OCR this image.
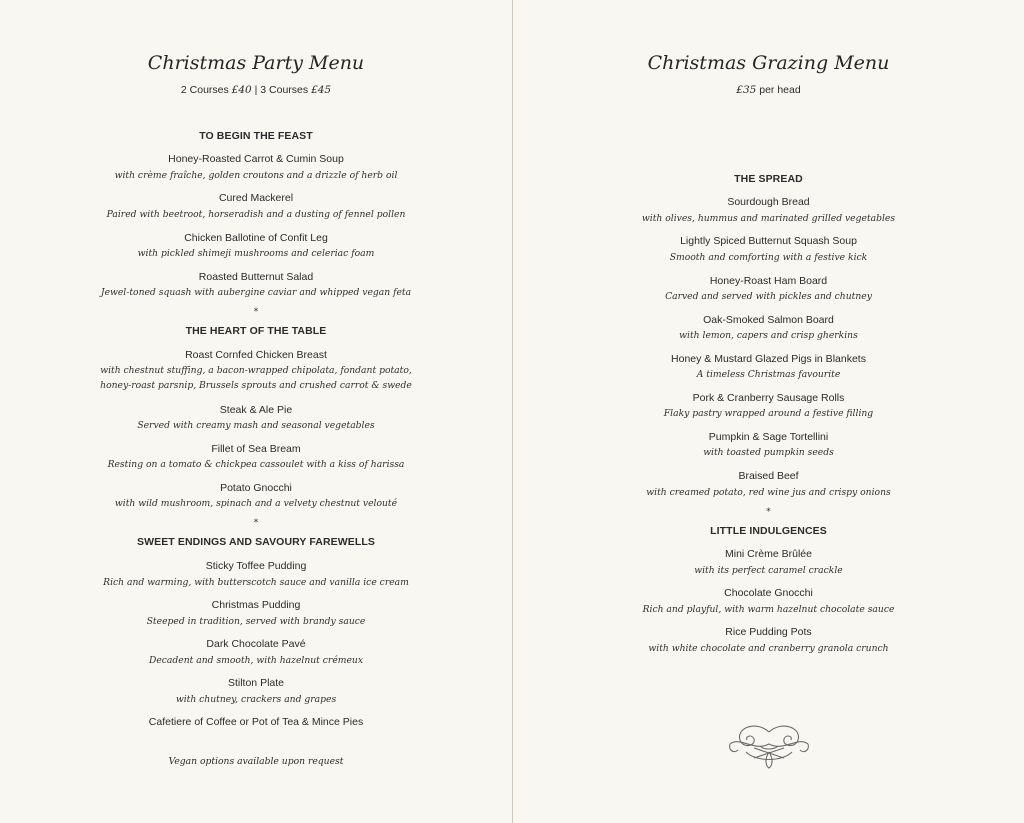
Christmas Party Menu
2 Courses £40 | 3 Courses £45
TO BEGIN THE FEAST
Honey-Roasted Carrot & Cumin Soup
with crème fraîche, golden croutons and a drizzle of herb oil
Cured Mackerel
Paired with beetroot, horseradish and a dusting of fennel pollen
Chicken Ballotine of Confit Leg
with pickled shimeji mushrooms and celeriac foam
Roasted Butternut Salad
Jewel-toned squash with aubergine caviar and whipped vegan feta
*
THE HEART OF THE TABLE
Roast Cornfed Chicken Breast
with chestnut stuffing, a bacon-wrapped chipolata, fondant potato,
honey-roast parsnip, Brussels sprouts and crushed carrot & swede
Steak & Ale Pie
Served with creamy mash and seasonal vegetables
Fillet of Sea Bream
Resting on a tomato & chickpea cassoulet with a kiss of harissa
Potato Gnocchi
with wild mushroom, spinach and a velvety chestnut velouté
*
SWEET ENDINGS AND SAVOURY FAREWELLS
Sticky Toffee Pudding
Rich and warming, with butterscotch sauce and vanilla ice cream
Christmas Pudding
Steeped in tradition, served with brandy sauce
Dark Chocolate Pavé
Decadent and smooth, with hazelnut crémeux
Stilton Plate
with chutney, crackers and grapes
Cafetiere of Coffee or Pot of Tea & Mince Pies
Vegan options available upon request
Christmas Grazing Menu
£35 per head
THE SPREAD
Sourdough Bread
with olives, hummus and marinated grilled vegetables
Lightly Spiced Butternut Squash Soup
Smooth and comforting with a festive kick
Honey-Roast Ham Board
Carved and served with pickles and chutney
Oak-Smoked Salmon Board
with lemon, capers and crisp gherkins
Honey & Mustard Glazed Pigs in Blankets
A timeless Christmas favourite
Pork & Cranberry Sausage Rolls
Flaky pastry wrapped around a festive filling
Pumpkin & Sage Tortellini
with toasted pumpkin seeds
Braised Beef
with creamed potato, red wine jus and crispy onions
*
LITTLE INDULGENCES
Mini Crème Brûlée
with its perfect caramel crackle
Chocolate Gnocchi
Rich and playful, with warm hazelnut chocolate sauce
Rice Pudding Pots
with white chocolate and cranberry granola crunch
